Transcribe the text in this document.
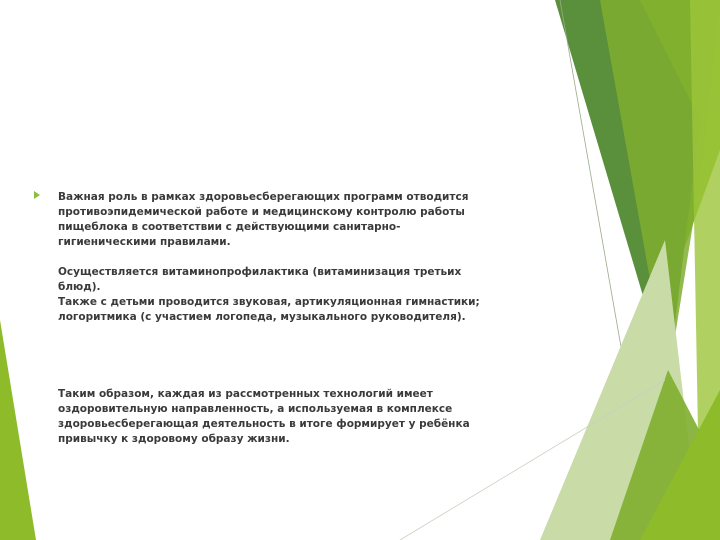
Важная роль в рамках здоровьесберегающих программ отводится
противоэпидемической работе и медицинскому контролю работы
пищеблока в соответствии с действующими санитарно-
гигиеническими правилами.

Осуществляется витаминопрофилактика (витаминизация третьих
блюд).

Также с детьми проводится звуковая, артикуляционная гимнастики;
логоритмика (с участием логопеда, музыкального руководителя).

Таким образом, каждая из рассмотренных технологий имеет
оздоровительную направленность, а используемая в комплексе
здоровьесберегающая деятельность в итоге формирует у ребёнка
привычку к здоровому образу жизни.
